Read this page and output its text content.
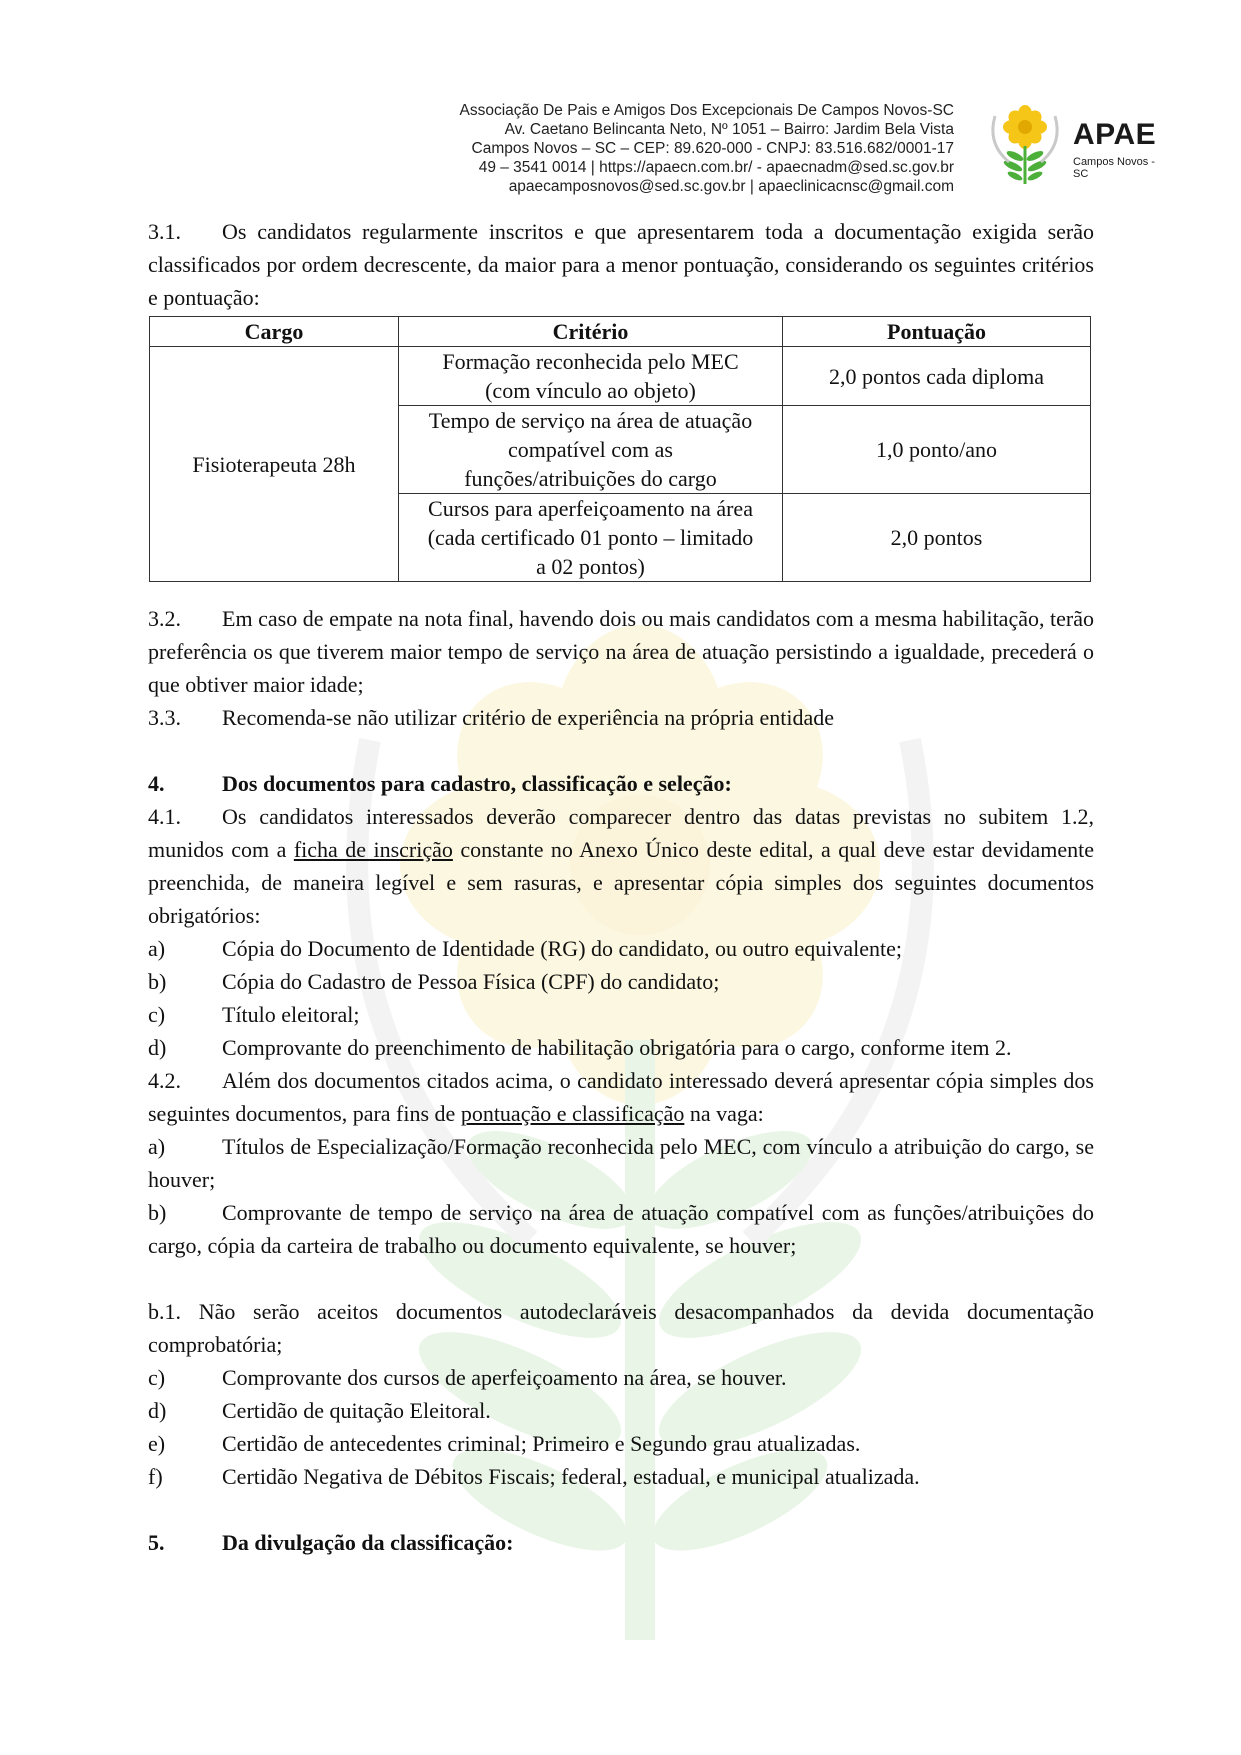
Associação De Pais e Amigos Dos Excepcionais De Campos Novos-SC
Av. Caetano Belincanta Neto, Nº 1051 – Bairro: Jardim Bela Vista
Campos Novos – SC – CEP: 89.620-000 - CNPJ: 83.516.682/0001-17
49 – 3541 0014 | https://apaecn.com.br/ - apaecnadm@sed.sc.gov.br
apaecamposnovos@sed.sc.gov.br | apaeclinicacnsc@gmail.com
APAE
Campos Novos - SC

3.1. Os candidatos regularmente inscritos e que apresentarem toda a documentação exigida serão classificados por ordem decrescente, da maior para a menor pontuação, considerando os seguintes critérios e pontuação:

Cargo	Critério	Pontuação
Fisioterapeuta 28h	Formação reconhecida pelo MEC
(com vínculo ao objeto)	2,0 pontos cada diploma

	Tempo de serviço na área de atuação
compatível com as
funções/atribuições do cargo	1,0 ponto/ano

	Cursos para aperfeiçoamento na área
(cada certificado 01 ponto – limitado
a 02 pontos)	2,0 pontos

3.2. Em caso de empate na nota final, havendo dois ou mais candidatos com a mesma habilitação, terão preferência os que tiverem maior tempo de serviço na área de atuação persistindo a igualdade, precederá o que obtiver maior idade;

3.3. Recomenda-se não utilizar critério de experiência na própria entidade

4.	Dos documentos para cadastro, classificação e seleção:

4.1. Os candidatos interessados deverão comparecer dentro das datas previstas no subitem 1.2, munidos com a ficha de inscrição constante no Anexo Único deste edital, a qual deve estar devidamente preenchida, de maneira legível e sem rasuras, e apresentar cópia simples dos seguintes documentos obrigatórios:

a)	Cópia do Documento de Identidade (RG) do candidato, ou outro equivalente;

b)	Cópia do Cadastro de Pessoa Física (CPF) do candidato;

c)	Título eleitoral;

d)	Comprovante do preenchimento de habilitação obrigatória para o cargo, conforme item 2.

4.2. Além dos documentos citados acima, o candidato interessado deverá apresentar cópia simples dos seguintes documentos, para fins de pontuação e classificação na vaga:

a)	Títulos de Especialização/Formação reconhecida pelo MEC, com vínculo a atribuição do cargo, se houver;

b)	Comprovante de tempo de serviço na área de atuação compatível com as funções/atribuições do cargo, cópia da carteira de trabalho ou documento equivalente, se houver;

b.1. Não serão aceitos documentos autodeclaráveis desacompanhados da devida documentação comprobatória;

c)	Comprovante dos cursos de aperfeiçoamento na área, se houver.

d)	Certidão de quitação Eleitoral.

e)	Certidão de antecedentes criminal; Primeiro e Segundo grau atualizadas.

f)	Certidão Negativa de Débitos Fiscais; federal, estadual, e municipal atualizada.

5.	Da divulgação da classificação:
